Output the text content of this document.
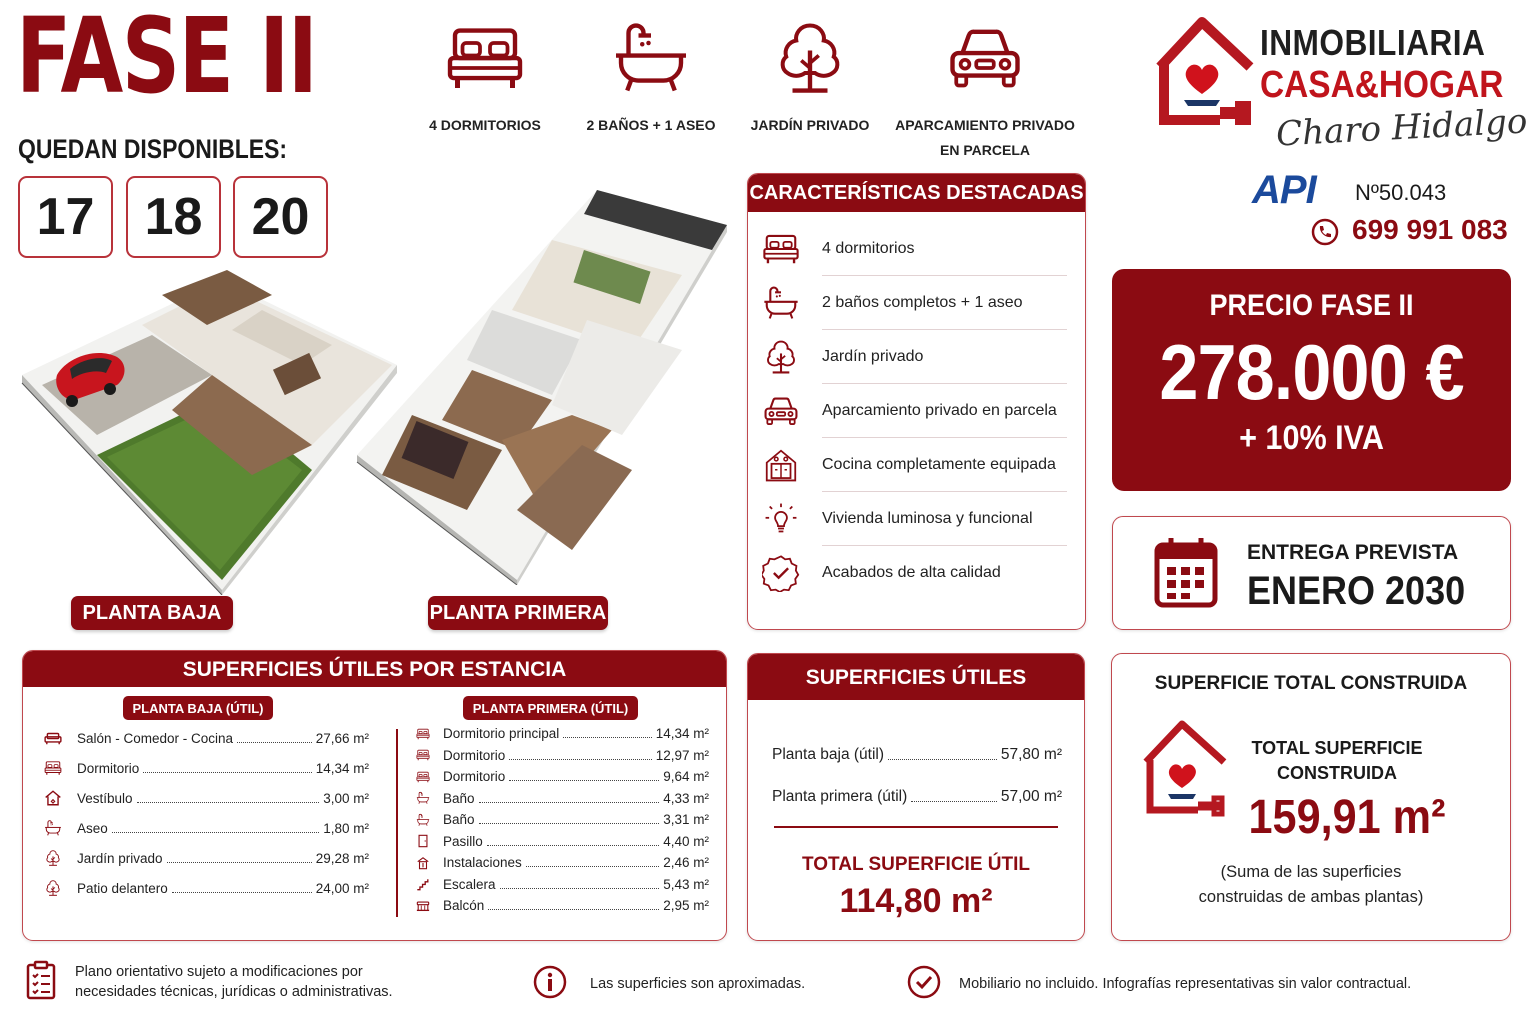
FASE II
QUEDAN DISPONIBLES:
17 18 20
4 DORMITORIOS	2 BAÑOS + 1 ASEO	JARDÍN PRIVADO	APARCAMIENTO PRIVADO
EN PARCELA
INMOBILIARIA
CASA&HOGAR
Charo Hidalgo
API Nº50.043
699 991 083
PLANTA BAJA	PLANTA PRIMERA
CARACTERÍSTICAS DESTACADAS
4 dormitorios
2 baños completos + 1 aseo
Jardín privado
Aparcamiento privado en parcela
Cocina completamente equipada
Vivienda luminosa y funcional
Acabados de alta calidad
PRECIO FASE II
278.000 €
+ 10% IVA
ENTREGA PREVISTA
ENERO 2030
SUPERFICIES ÚTILES POR ESTANCIA
PLANTA BAJA (ÚTIL)	PLANTA PRIMERA (ÚTIL)
Salón - Comedor - Cocina	27,66 m²
Dormitorio	14,34 m²
Vestíbulo	3,00 m²
Aseo	1,80 m²
Jardín privado	29,28 m²
Patio delantero	24,00 m²
Dormitorio principal	14,34 m²
Dormitorio	12,97 m²
Dormitorio	9,64 m²
Baño	4,33 m²
Baño	3,31 m²
Pasillo	4,40 m²
Instalaciones	2,46 m²
Escalera	5,43 m²
Balcón	2,95 m²
SUPERFICIES ÚTILES
Planta baja (útil)	57,80 m²
Planta primera (útil)	57,00 m²
TOTAL SUPERFICIE ÚTIL
114,80 m²
SUPERFICIE TOTAL CONSTRUIDA
TOTAL SUPERFICIE
CONSTRUIDA
159,91 m²
(Suma de las superficies
construidas de ambas plantas)
Plano orientativo sujeto a modificaciones por
necesidades técnicas, jurídicas o administrativas.	Las superficies son aproximadas.	Mobiliario no incluido. Infografías representativas sin valor contractual.
